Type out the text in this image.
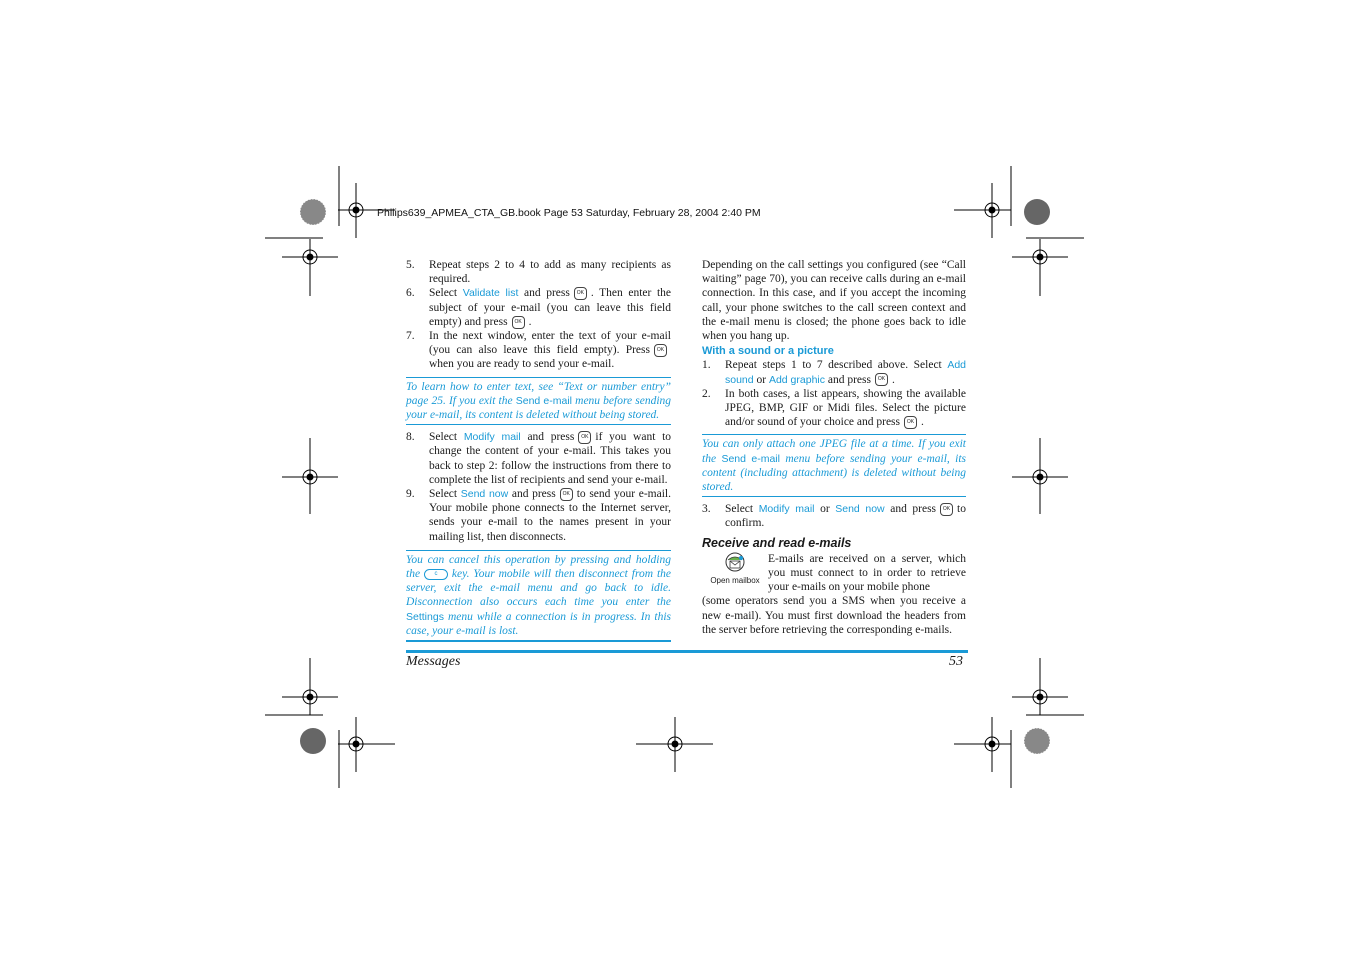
Philips639_APMEA_CTA_GB.book Page 53 Saturday, February 28, 2004 2:40 PM
5.	Repeat steps 2 to 4 to add as many recipients as required.
6.	Select Validate list and press OK . Then enter the subject of your e-mail (you can leave this field empty) and press OK .
7.	In the next window, enter the text of your e-mail (you can also leave this field empty). Press OKwhen you are ready to send your e-mail.
To learn how to enter text, see “Text or number entry” page 25. If you exit the Send e-mail menu before sending your e-mail, its content is deleted without being stored.
8.	Select Modify mail and press OK if you want to change the content of your e-mail. This takes you back to step 2: follow the instructions from there to complete the list of recipients and send your e-mail.
9.	Select Send now and press OK to send your e-mail. Your mobile phone connects to the Internet server, sends your e-mail to the names present in your mailing list, then disconnects.
You can cancel this operation by pressing and holding the c key. Your mobile will then disconnect from the server, exit the e-mail menu and go back to idle. Disconnection also occurs each time you enter the Settings menu while a connection is in progress. In this case, your e-mail is lost.
Depending on the call settings you configured (see “Call waiting” page 70), you can receive calls during an e-mail connection. In this case, and if you accept the incoming call, your phone switches to the call screen context and the e-mail menu is closed; the phone goes back to idle when you hang up.
With a sound or a picture
1.	Repeat steps 1 to 7 described above. Select Add sound or Add graphic and press OK .
2.	In both cases, a list appears, showing the available JPEG, BMP, GIF or Midi files. Select the picture and/or sound of your choice and press OK .
You can only attach one JPEG file at a time. If you exit the Send e-mail menu before sending your e-mail, its content (including attachment) is deleted without being stored.
3.	Select Modify mail or Send now and press OK to confirm.
Receive and read e-mails
Open mailbox
E-mails are received on a server, which you must connect to in order to retrieve your e-mails on your mobile phone
(some operators send you a SMS when you receive a new e-mail). You must first download the headers from the server before retrieving the corresponding e-mails.
Messages	53
